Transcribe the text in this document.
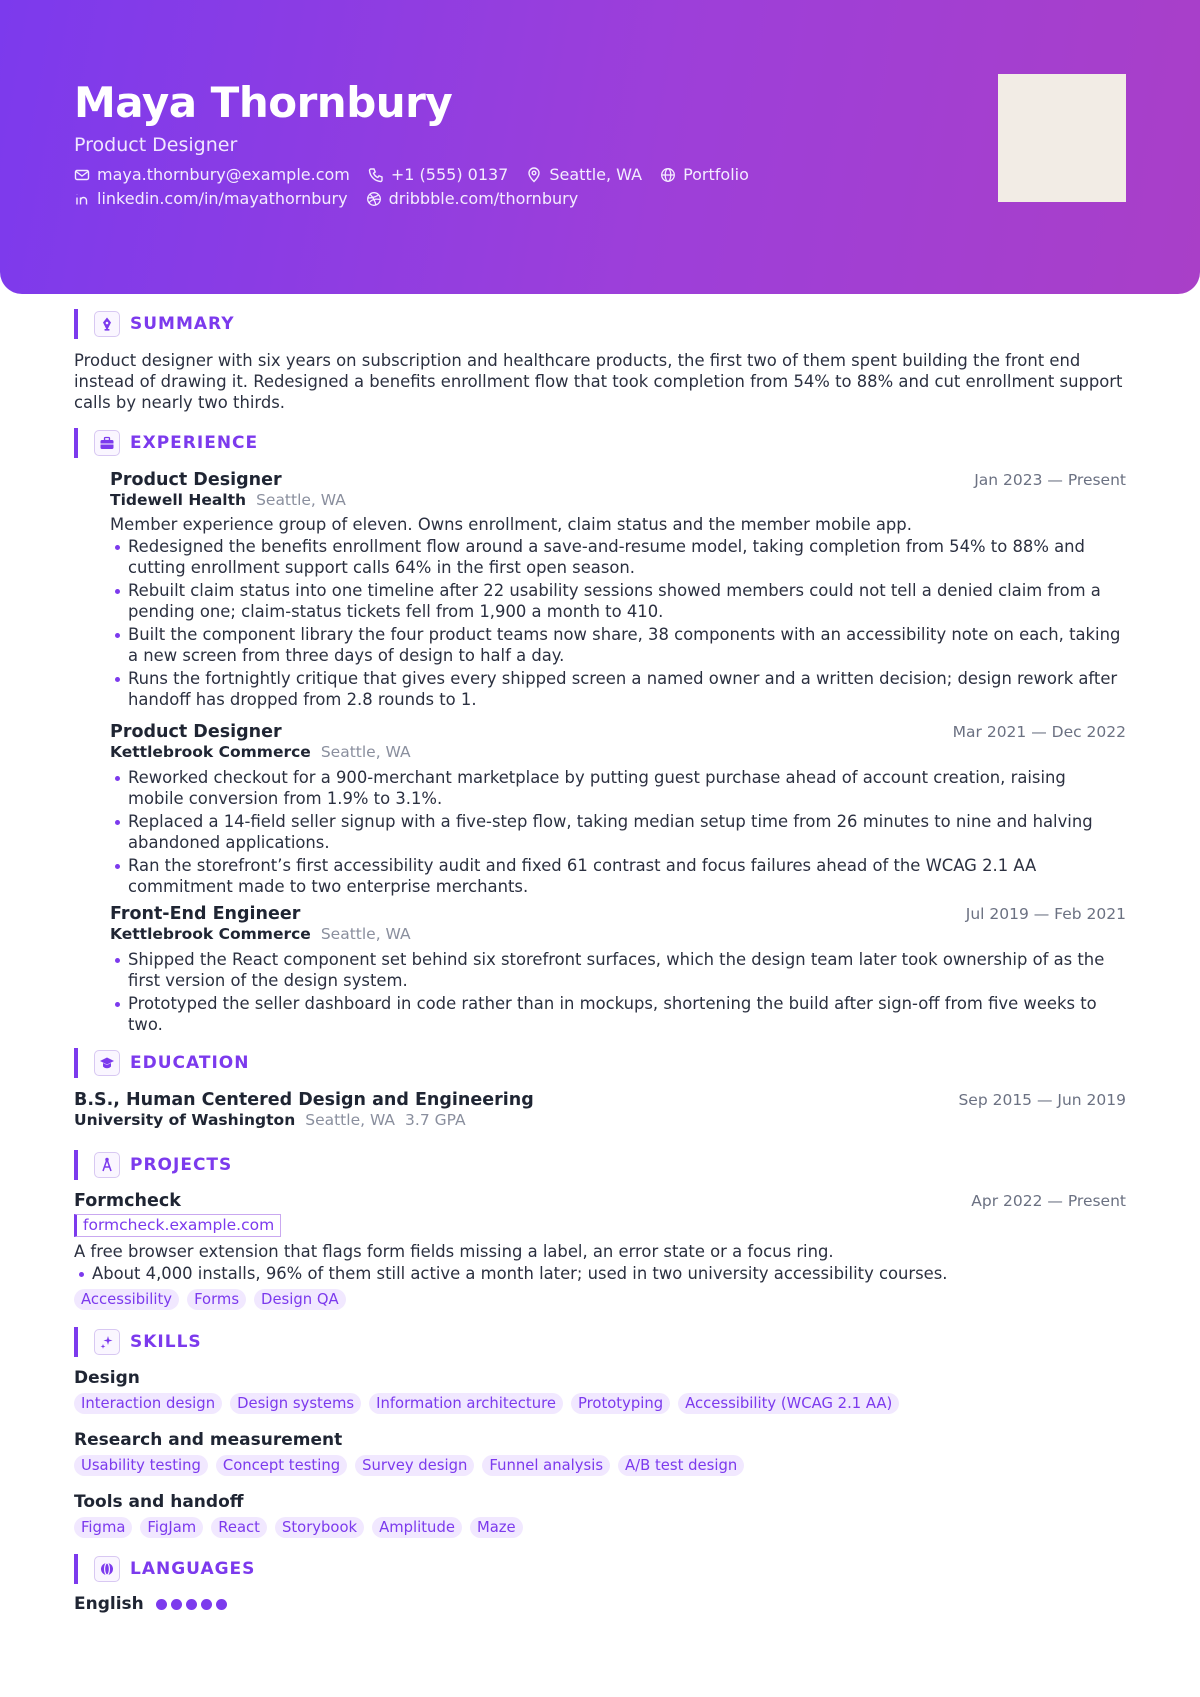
Maya Thornbury
Product Designer
maya.thornbury@example.com	+1 (555) 0137	Seattle, WA	Portfolio
linkedin.com/in/mayathornbury	dribbble.com/thornbury
SUMMARY
Product designer with six years on subscription and healthcare products, the first two of them spent building the front end instead of drawing it. Redesigned a benefits enrollment flow that took completion from 54% to 88% and cut enrollment support calls by nearly two thirds.
EXPERIENCE
Product Designer	Jan 2023 — Present
Tidewell Health Seattle, WA
Member experience group of eleven. Owns enrollment, claim status and the member mobile app.
Redesigned the benefits enrollment flow around a save-and-resume model, taking completion from 54% to 88% and cutting enrollment support calls 64% in the first open season.
Rebuilt claim status into one timeline after 22 usability sessions showed members could not tell a denied claim from a pending one; claim-status tickets fell from 1,900 a month to 410.
Built the component library the four product teams now share, 38 components with an accessibility note on each, taking a new screen from three days of design to half a day.
Runs the fortnightly critique that gives every shipped screen a named owner and a written decision; design rework after handoff has dropped from 2.8 rounds to 1.
Product Designer	Mar 2021 — Dec 2022
Kettlebrook Commerce Seattle, WA
Reworked checkout for a 900-merchant marketplace by putting guest purchase ahead of account creation, raising mobile conversion from 1.9% to 3.1%.
Replaced a 14-field seller signup with a five-step flow, taking median setup time from 26 minutes to nine and halving abandoned applications.
Ran the storefront’s first accessibility audit and fixed 61 contrast and focus failures ahead of the WCAG 2.1 AA commitment made to two enterprise merchants.
Front-End Engineer	Jul 2019 — Feb 2021
Kettlebrook Commerce Seattle, WA
Shipped the React component set behind six storefront surfaces, which the design team later took ownership of as the first version of the design system.
Prototyped the seller dashboard in code rather than in mockups, shortening the build after sign-off from five weeks to two.
EDUCATION
B.S., Human Centered Design and Engineering	Sep 2015 — Jun 2019
University of Washington Seattle, WA 3.7 GPA
PROJECTS
Formcheck	Apr 2022 — Present
formcheck.example.com
A free browser extension that flags form fields missing a label, an error state or a focus ring.
About 4,000 installs, 96% of them still active a month later; used in two university accessibility courses.
Accessibility	Forms	Design QA
SKILLS
Design
Interaction design	Design systems	Information architecture	Prototyping	Accessibility (WCAG 2.1 AA)
Research and measurement
Usability testing	Concept testing	Survey design	Funnel analysis	A/B test design
Tools and handoff
Figma	FigJam	React	Storybook	Amplitude	Maze
LANGUAGES
English
